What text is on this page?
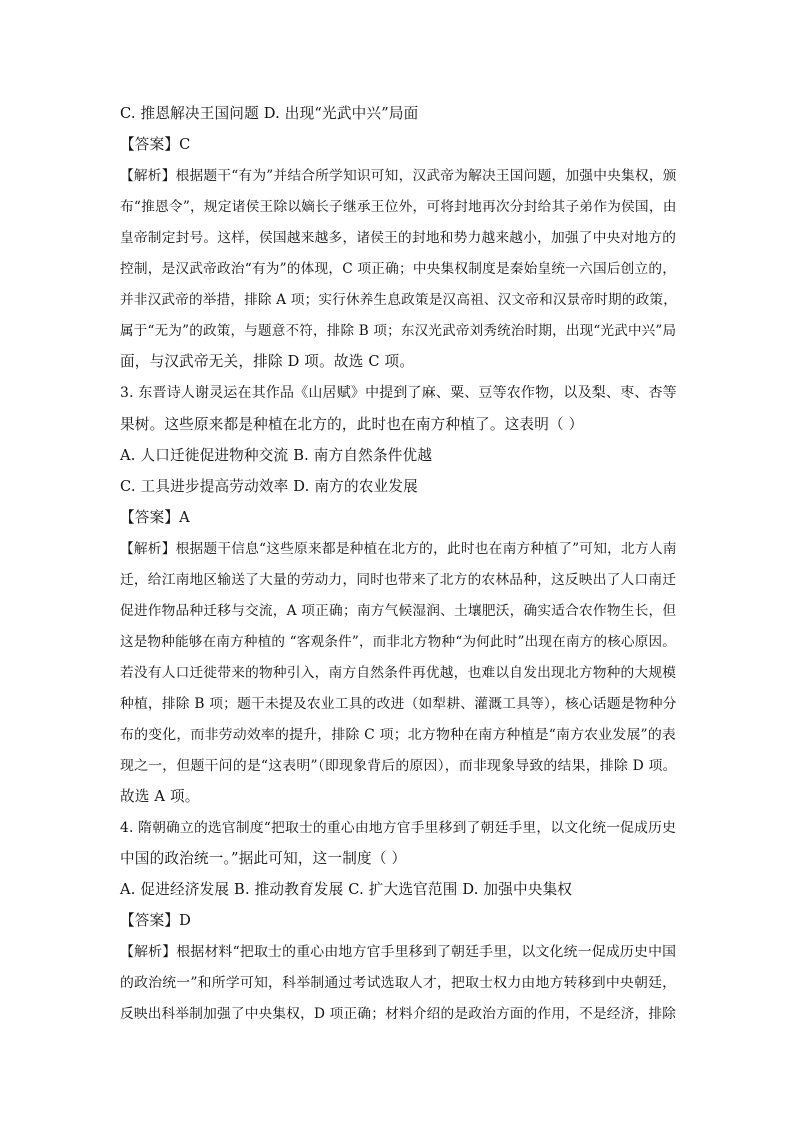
C. 推恩解决王国问题 D. 出现“光武中兴”局面
【答案】C
【解析】根据题干“有为”并结合所学知识可知，汉武帝为解决王国问题，加强中央集权，颁
布“推恩令”，规定诸侯王除以嫡长子继承王位外，可将封地再次分封给其子弟作为侯国，由
皇帝制定封号。这样，侯国越来越多，诸侯王的封地和势力越来越小，加强了中央对地方的
控制，是汉武帝政治“有为”的体现，C 项正确；中央集权制度是秦始皇统一六国后创立的，
并非汉武帝的举措，排除 A 项；实行休养生息政策是汉高祖、汉文帝和汉景帝时期的政策，
属于“无为”的政策，与题意不符，排除 B 项；东汉光武帝刘秀统治时期，出现“光武中兴”局
面，与汉武帝无关，排除 D 项。故选 C 项。
3. 东晋诗人谢灵运在其作品《山居赋》中提到了麻、粟、豆等农作物，以及梨、枣、杏等
果树。这些原来都是种植在北方的，此时也在南方种植了。这表明（ ）
A. 人口迁徙促进物种交流 B. 南方自然条件优越
C. 工具进步提高劳动效率 D. 南方的农业发展
【答案】A
【解析】根据题干信息“这些原来都是种植在北方的，此时也在南方种植了”可知，北方人南
迁，给江南地区输送了大量的劳动力，同时也带来了北方的农林品种，这反映出了人口南迁
促进作物品种迁移与交流，A 项正确；南方气候湿润、土壤肥沃，确实适合农作物生长，但
这是物种能够在南方种植的 “客观条件”，而非北方物种“为何此时”出现在南方的核心原因。
若没有人口迁徙带来的物种引入，南方自然条件再优越，也难以自发出现北方物种的大规模
种植，排除 B 项；题干未提及农业工具的改进（如犁耕、灌溉工具等），核心话题是物种分
布的变化，而非劳动效率的提升，排除 C 项；北方物种在南方种植是“南方农业发展”的表
现之一，但题干问的是“这表明”（即现象背后的原因），而非现象导致的结果，排除 D 项。
故选 A 项。
4. 隋朝确立的选官制度“把取士的重心由地方官手里移到了朝廷手里，以文化统一促成历史
中国的政治统一。”据此可知，这一制度（ ）
A. 促进经济发展 B. 推动教育发展 C. 扩大选官范围 D. 加强中央集权
【答案】D
【解析】根据材料“把取士的重心由地方官手里移到了朝廷手里，以文化统一促成历史中国
的政治统一”和所学可知，科举制通过考试选取人才，把取士权力由地方转移到中央朝廷，
反映出科举制加强了中央集权，D 项正确；材料介绍的是政治方面的作用，不是经济，排除
